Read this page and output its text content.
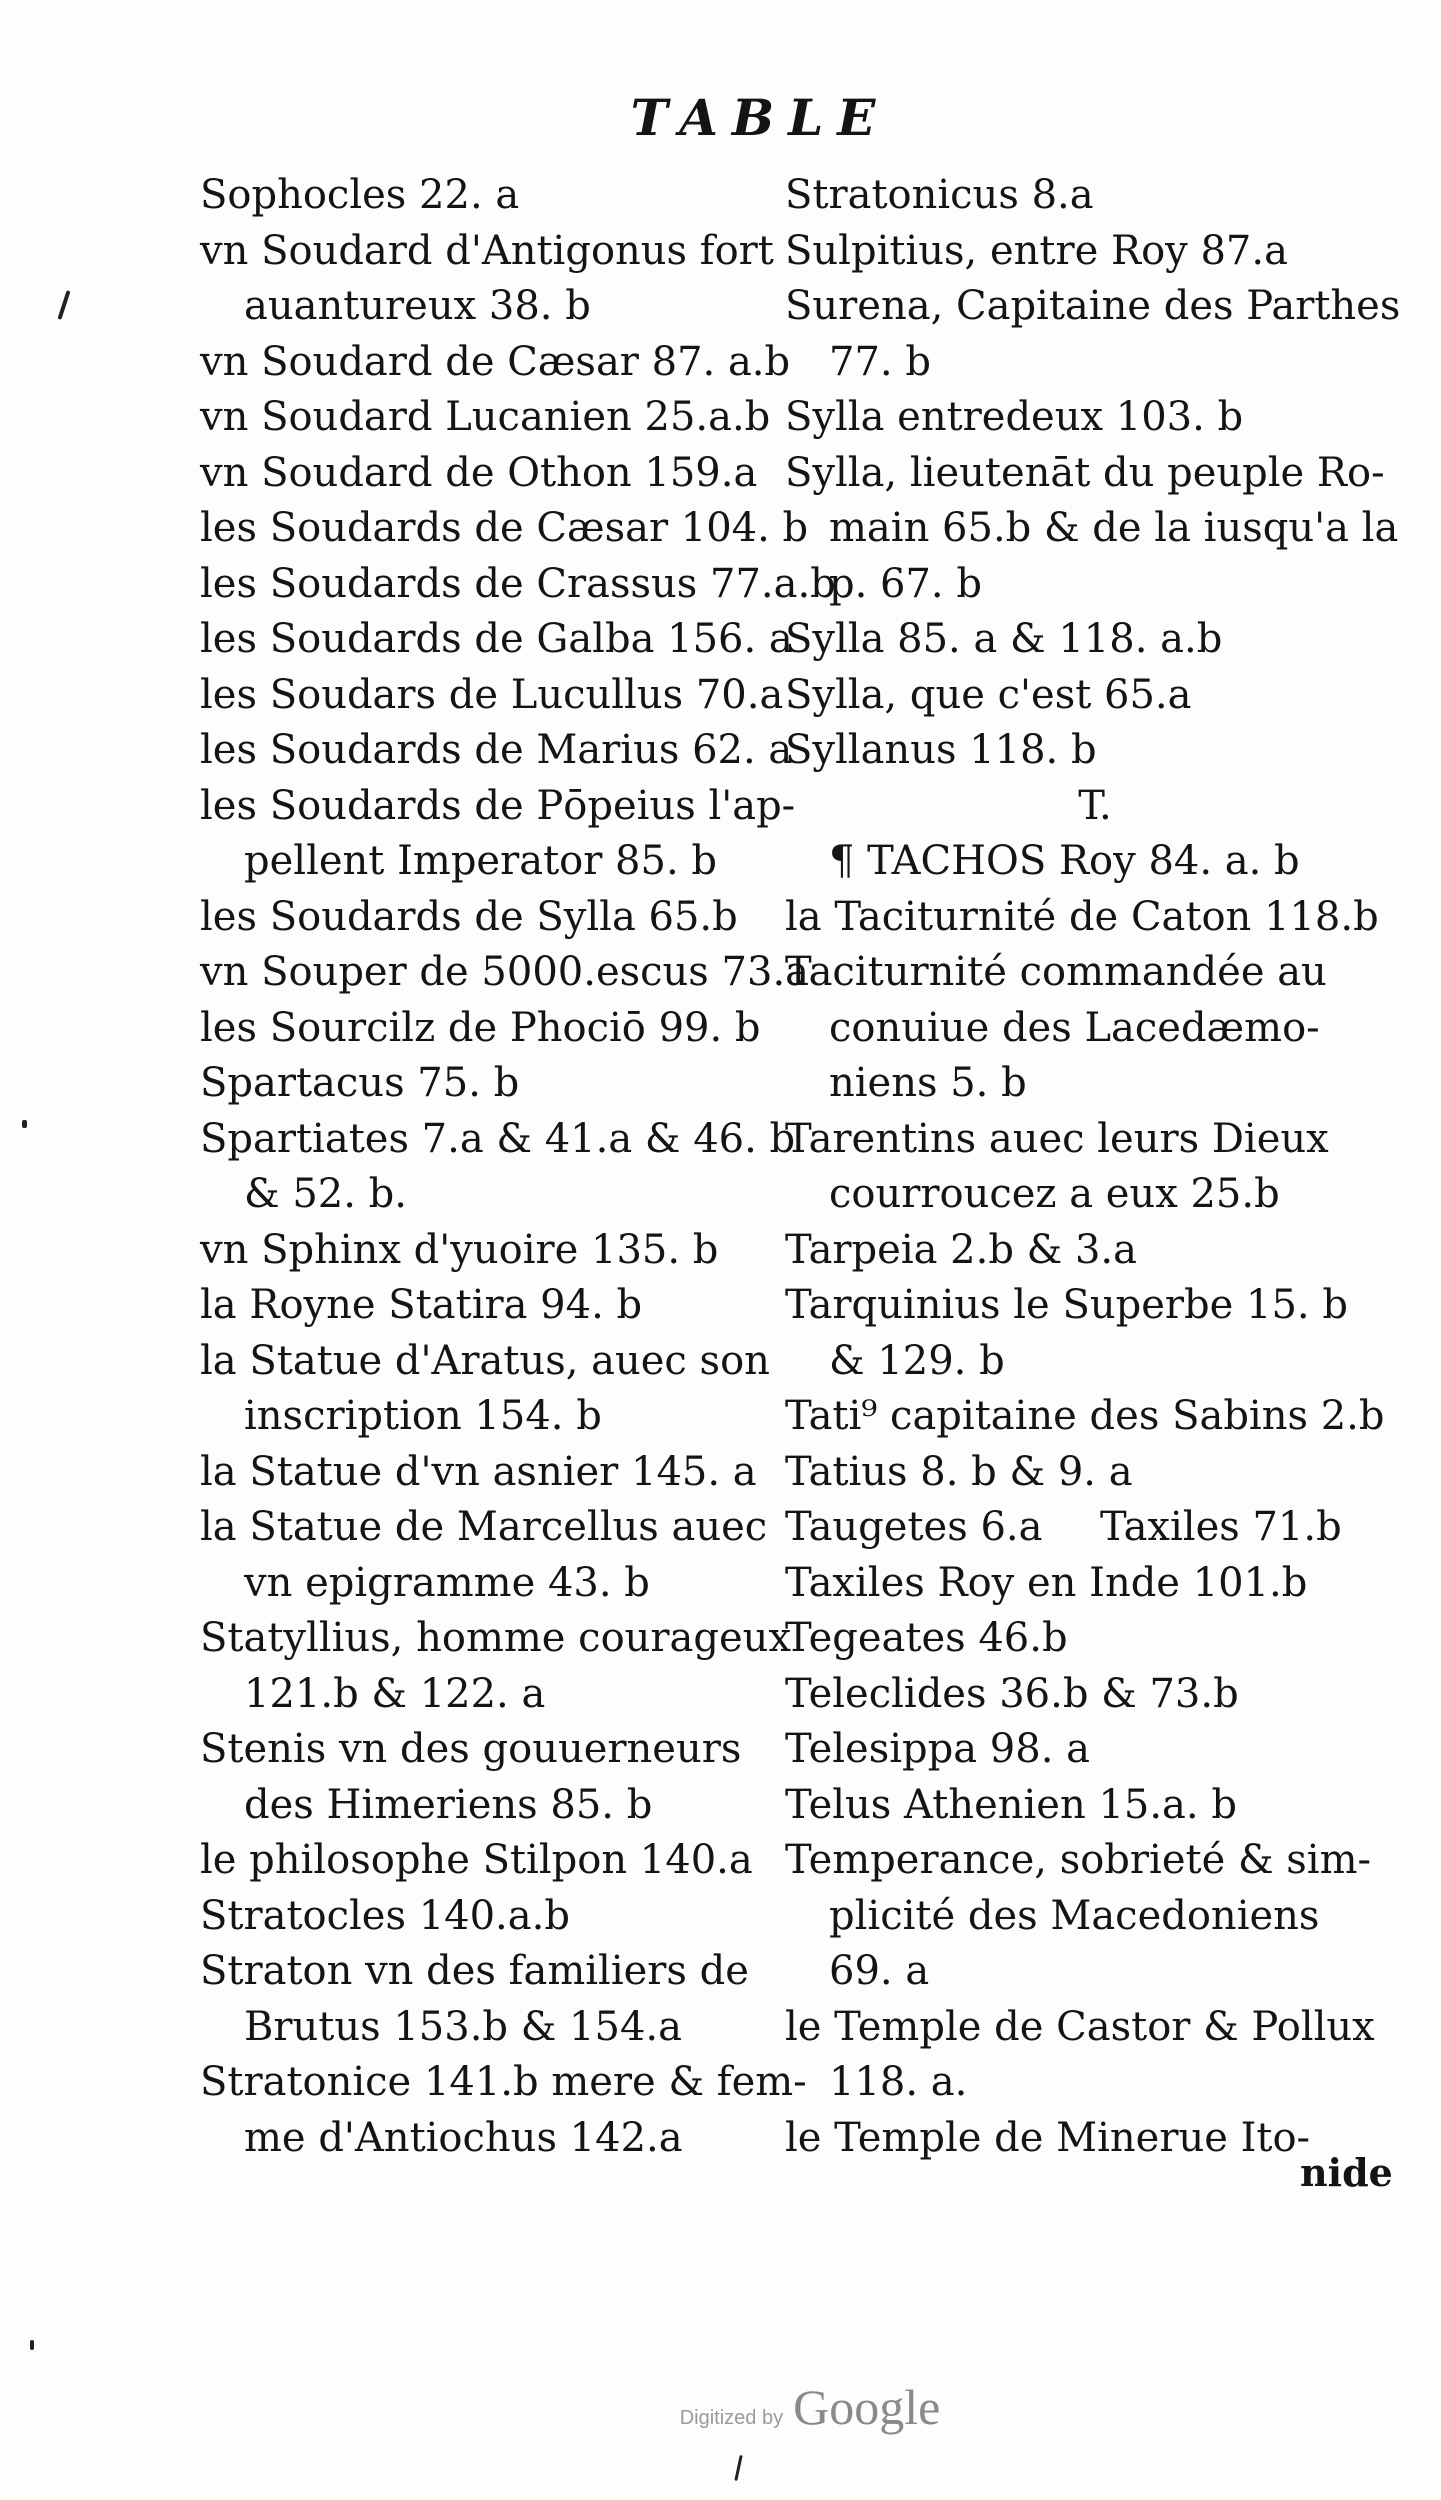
TABLE
Sophocles 22. a
vn Soudard d'Antigonus fort
auantureux 38. b
vn Soudard de Cæsar 87. a.b
vn Soudard Lucanien 25.a.b
vn Soudard de Othon 159.a
les Soudards de Cæsar 104. b
les Soudards de Crassus 77.a.b
les Soudards de Galba 156. a
les Soudars de Lucullus 70.a
les Soudards de Marius 62. a
les Soudards de Pōpeius l'ap-
pellent Imperator 85. b
les Soudards de Sylla 65.b
vn Souper de 5000.escus 73.a
les Sourcilz de Phociō 99. b
Spartacus 75. b
Spartiates 7.a & 41.a & 46. b
& 52. b.
vn Sphinx d'yuoire 135. b
la Royne Statira 94. b
la Statue d'Aratus, auec son
inscription 154. b
la Statue d'vn asnier 145. a
la Statue de Marcellus auec
vn epigramme 43. b
Statyllius, homme courageux
121.b & 122. a
Stenis vn des gouuerneurs
des Himeriens 85. b
le philosophe Stilpon 140.a
Stratocles 140.a.b
Straton vn des familiers de
Brutus 153.b & 154.a
Stratonice 141.b mere & fem-
me d'Antiochus 142.a
Stratonicus 8.a
Sulpitius, entre Roy 87.a
Surena, Capitaine des Parthes
77. b
Sylla entredeux 103. b
Sylla, lieutenāt du peuple Ro-
main 65.b & de la iusqu'a la
p. 67. b
Sylla 85. a & 118. a.b
Sylla, que c'est 65.a
Syllanus 118. b
T.
¶ TACHOS Roy 84. a. b
la Taciturnité de Caton 118.b
Taciturnité commandée au
conuiue des Lacedæmo-
niens 5. b
Tarentins auec leurs Dieux
courroucez a eux 25.b
Tarpeia 2.b & 3.a
Tarquinius le Superbe 15. b
& 129. b
Tati⁹ capitaine des Sabins 2.b
Tatius 8. b & 9. a
Taugetes 6.a Taxiles 71.b
Taxiles Roy en Inde 101.b
Tegeates 46.b
Teleclides 36.b & 73.b
Telesippa 98. a
Telus Athenien 15.a. b
Temperance, sobrieté & sim-
plicité des Macedoniens
69. a
le Temple de Castor & Pollux
118. a.
le Temple de Minerue Ito-
nide
Digitized by Google
